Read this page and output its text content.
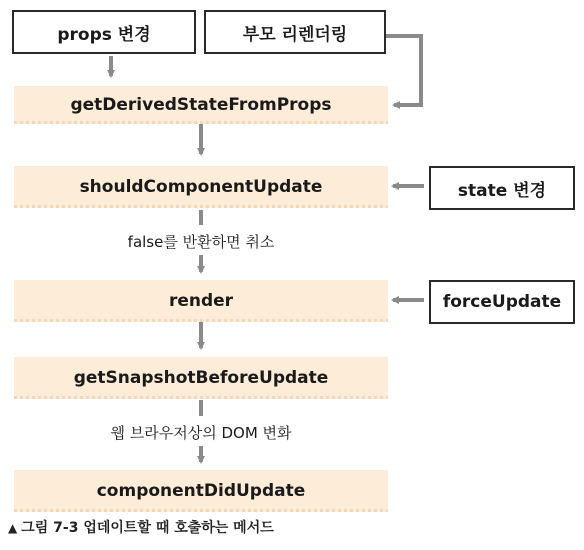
props 변경	부모 리렌더링
getDerivedStateFromProps
shouldComponentUpdate	state 변경
false를 반환하면 취소
render	forceUpdate
getSnapshotBeforeUpdate
웹 브라우저상의 DOM 변화
componentDidUpdate
▲ 그림 7-3 업데이트할 때 호출하는 메서드
